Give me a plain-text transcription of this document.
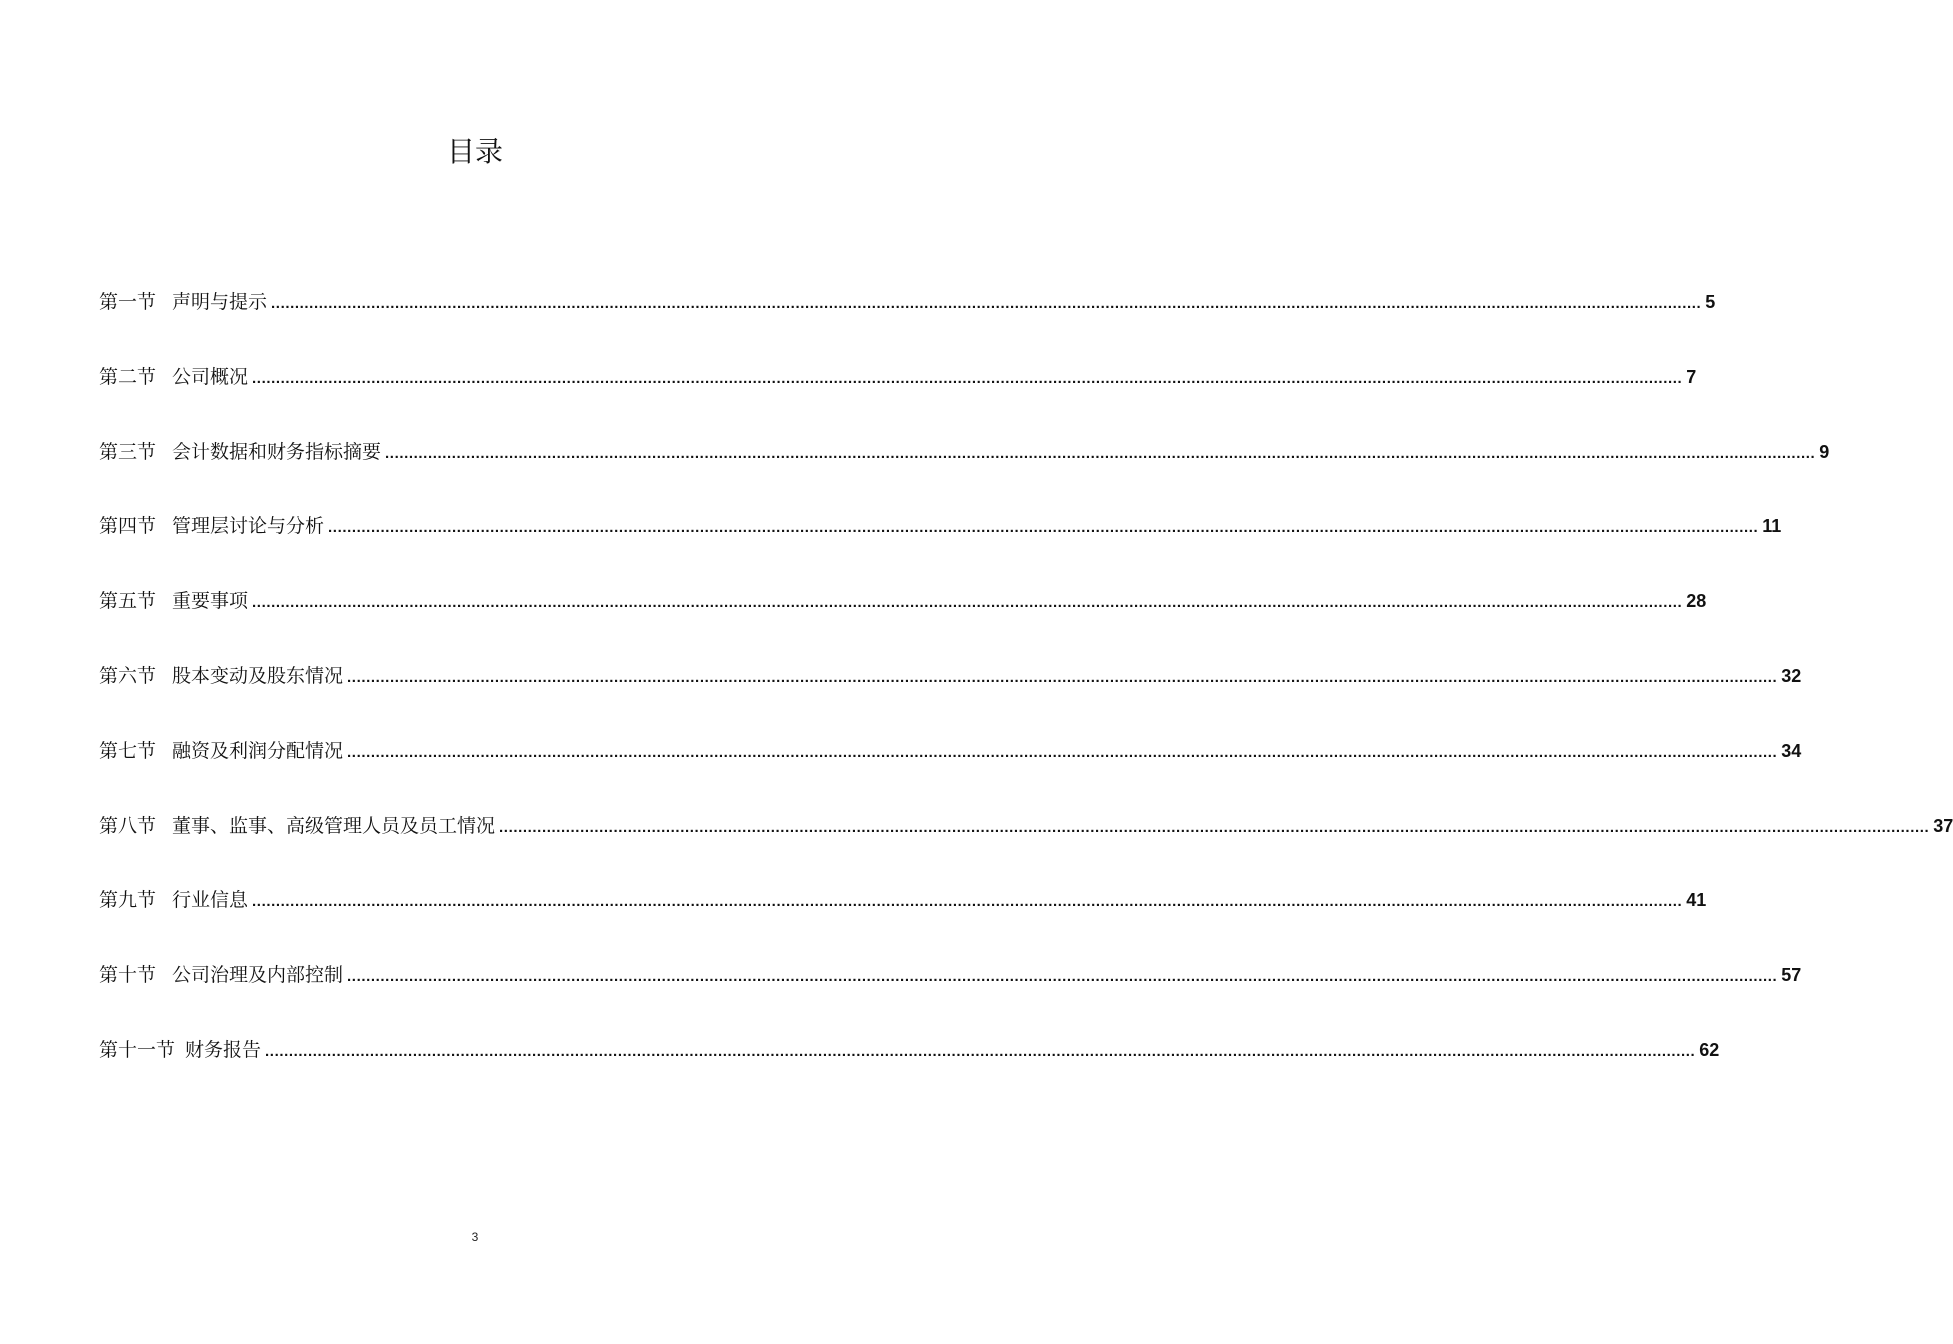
目录
第一节 声明与提示 ............................................................................................................................................................................................................................................................................................................ 5
第二节 公司概况 ............................................................................................................................................................................................................................................................................................................ 7
第三节 会计数据和财务指标摘要 ............................................................................................................................................................................................................................................................................................................ 9
第四节 管理层讨论与分析 ............................................................................................................................................................................................................................................................................................................ 11
第五节 重要事项 ............................................................................................................................................................................................................................................................................................................ 28
第六节 股本变动及股东情况 ............................................................................................................................................................................................................................................................................................................ 32
第七节 融资及利润分配情况 ............................................................................................................................................................................................................................................................................................................ 34
第八节 董事、监事、高级管理人员及员工情况 ............................................................................................................................................................................................................................................................................................................ 37
第九节 行业信息 ............................................................................................................................................................................................................................................................................................................ 41
第十节 公司治理及内部控制 ............................................................................................................................................................................................................................................................................................................ 57
第十一节 财务报告 ............................................................................................................................................................................................................................................................................................................ 62
3
